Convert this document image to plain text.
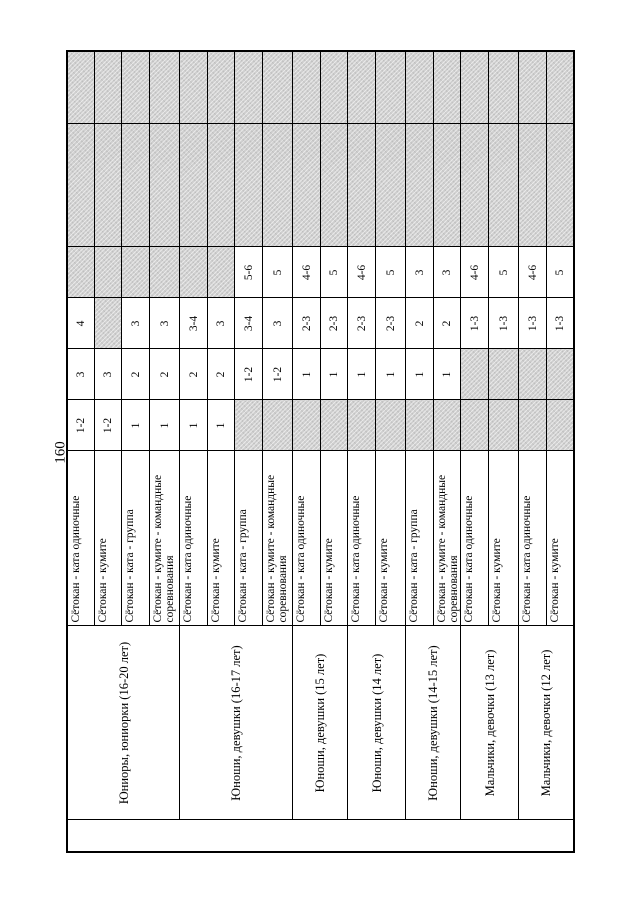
160
	Юниоры, юниорки (16-20 лет)	Сётокан - ката одиночные	1-2	3	4			
		Сётокан - кумите	1-2	3				
		Сётокан - ката - группа	1	2	3			
		Сётокан - кумите - командные соревнования	1	2	3			
	Юноши, девушки (16-17 лет)	Сётокан - ката одиночные	1	2	3-4			
		Сётокан - кумите	1	2	3			
		Сётокан - ката - группа		1-2	3-4	5-6		
		Сётокан - кумите - командные соревнования		1-2	3	5		
	Юноши, девушки (15 лет)	Сётокан - ката одиночные		1	2-3	4-6		
		Сётокан - кумите		1	2-3	5		
	Юноши, девушки (14 лет)	Сётокан - ката одиночные		1	2-3	4-6		
		Сётокан - кумите		1	2-3	5		
	Юноши, девушки (14-15 лет)	Сётокан - ката - группа		1	2	3		
		Сётокан - кумите - командные соревнования		1	2	3		
	Мальчики, девочки (13 лет)	Сётокан - ката одиночные			1-3	4-6		
		Сётокан - кумите			1-3	5		
	Мальчики, девочки (12 лет)	Сётокан - ката одиночные			1-3	4-6		
		Сётокан - кумите			1-3	5		
